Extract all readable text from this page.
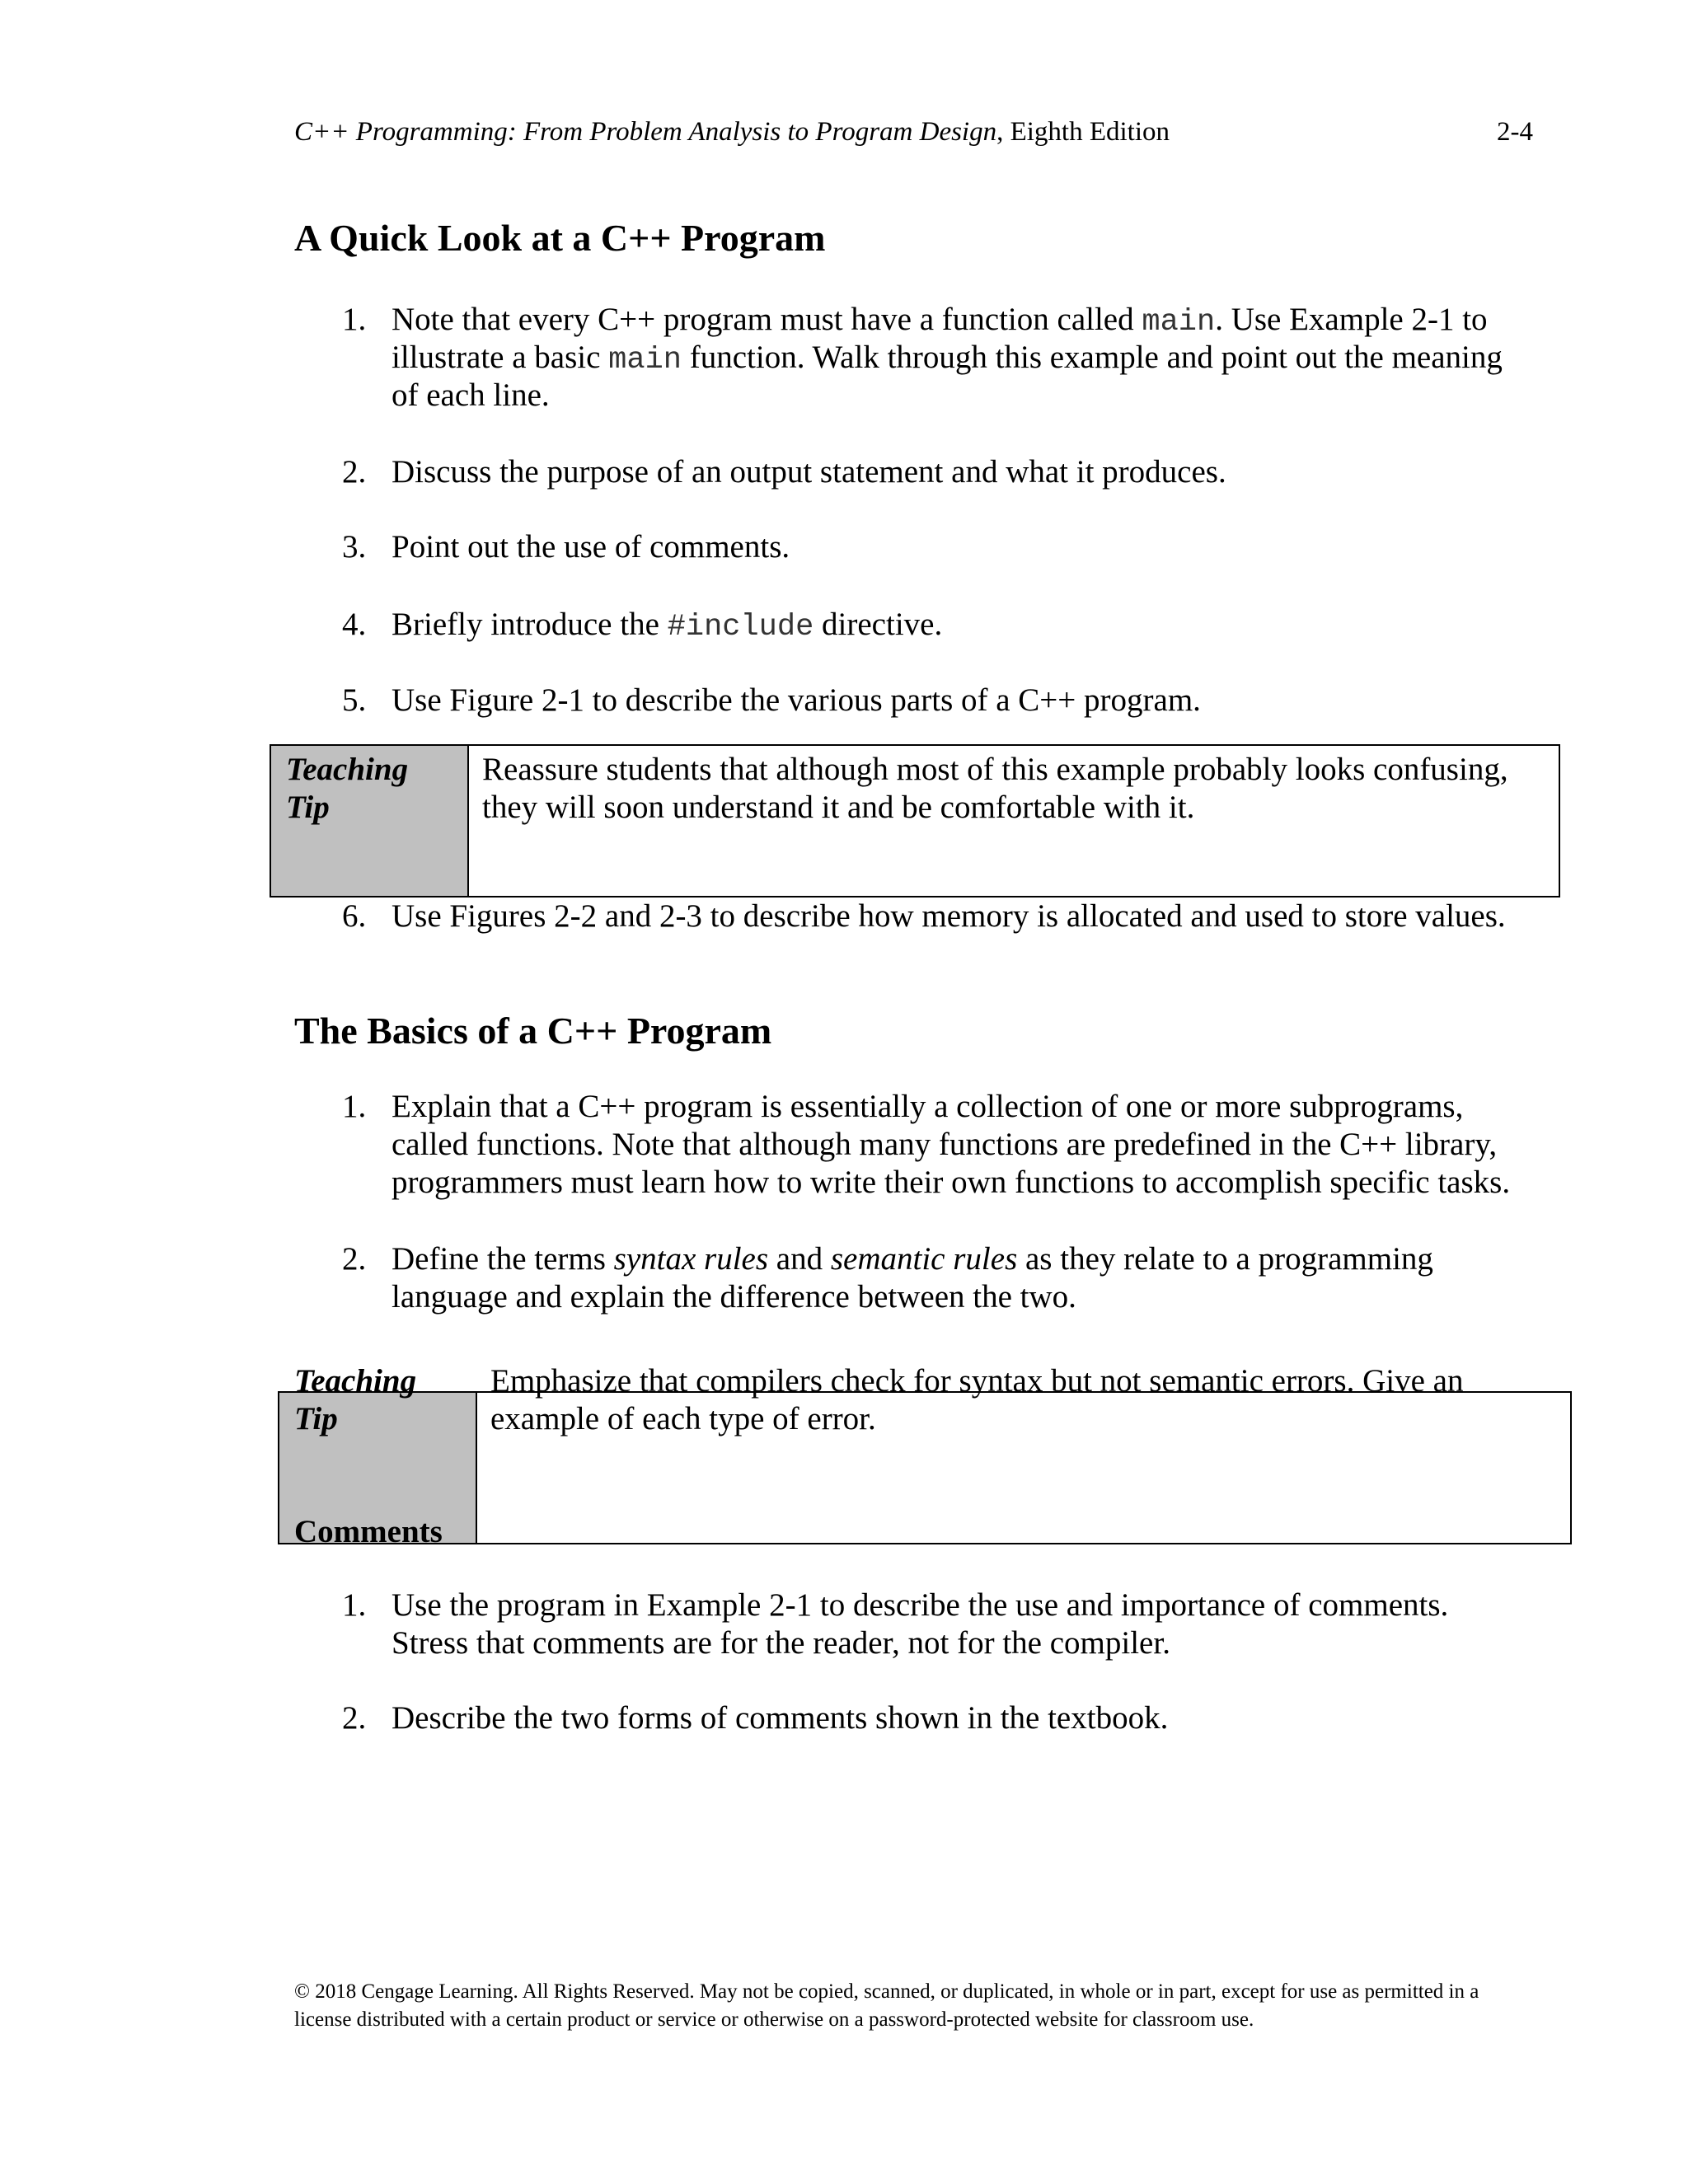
C++ Programming: From Problem Analysis to Program Design, Eighth Edition	2-4
A Quick Look at a C++ Program
1. Note that every C++ program must have a function called main. Use Example 2-1 to
illustrate a basic main function. Walk through this example and point out the meaning
of each line.
2. Discuss the purpose of an output statement and what it produces.
3. Point out the use of comments.
4. Briefly introduce the #include directive.
5. Use Figure 2-1 to describe the various parts of a C++ program.
Teaching
Tip
Reassure students that although most of this example probably looks confusing,
they will soon understand it and be comfortable with it.
6. Use Figures 2-2 and 2-3 to describe how memory is allocated and used to store values.
The Basics of a C++ Program
1. Explain that a C++ program is essentially a collection of one or more subprograms,
called functions. Note that although many functions are predefined in the C++ library,
programmers must learn how to write their own functions to accomplish specific tasks.
2. Define the terms syntax rules and semantic rules as they relate to a programming
language and explain the difference between the two.
Teaching
Tip
Emphasize that compilers check for syntax but not semantic errors. Give an
example of each type of error.
Comments
1. Use the program in Example 2-1 to describe the use and importance of comments.
Stress that comments are for the reader, not for the compiler.
2. Describe the two forms of comments shown in the textbook.
© 2018 Cengage Learning. All Rights Reserved. May not be copied, scanned, or duplicated, in whole or in part, except for use as permitted in a
license distributed with a certain product or service or otherwise on a password-protected website for classroom use.
